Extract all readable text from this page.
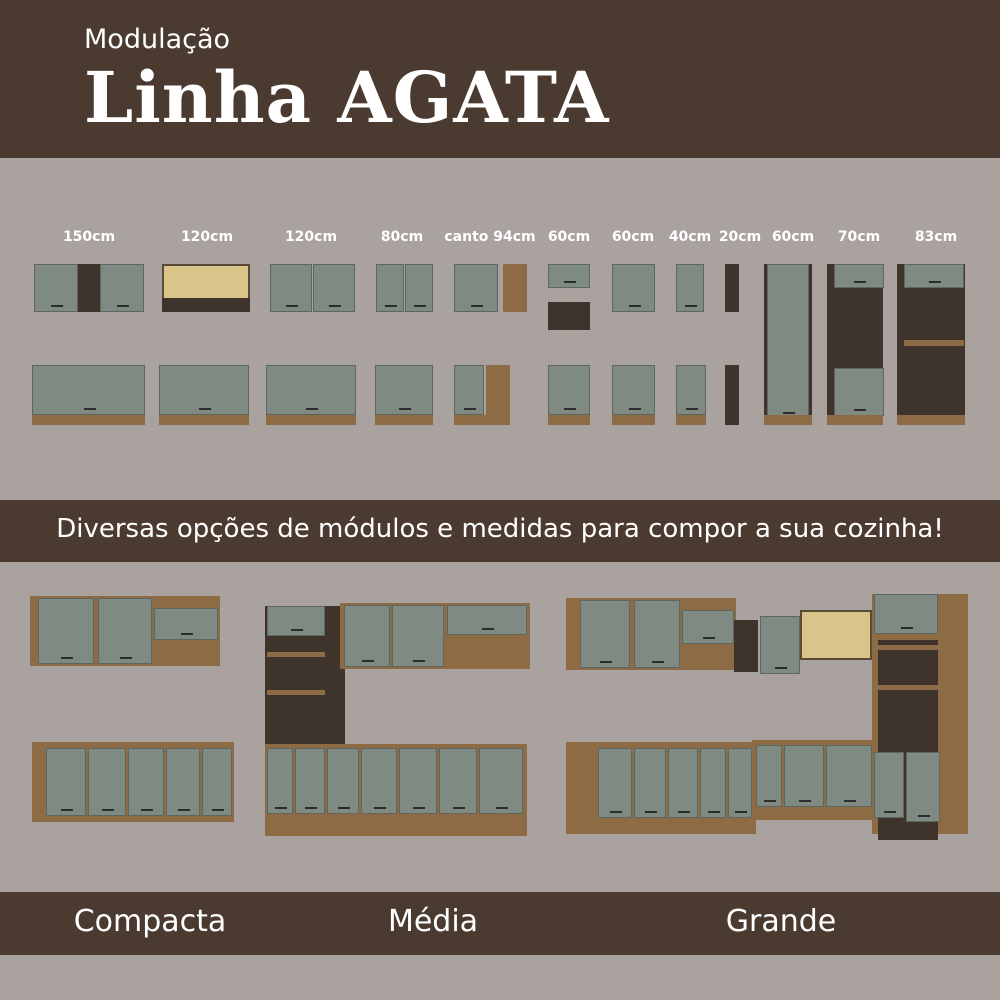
Modulação
Linha AGATA
150cm	120cm	120cm	80cm canto 94cm 60cm 60cm 40cm 20cm 60cm 70cm 83cm
Diversas opções de módulos e medidas para compor a sua cozinha!
Compacta	Média	Grande
